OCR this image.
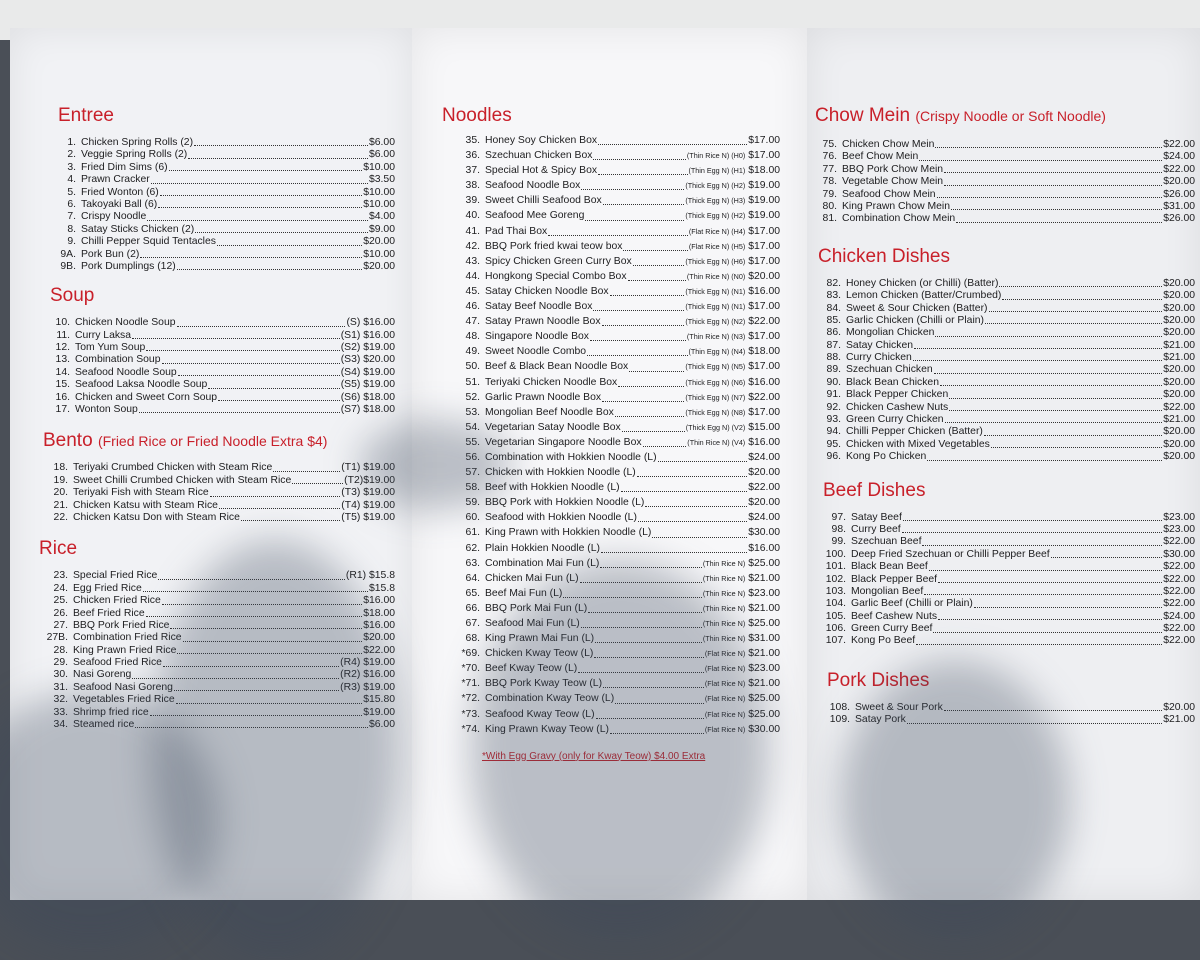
Entree
1. Chicken Spring Rolls (2)	$6.00
2. Veggie Spring Rolls (2)	$6.00
3. Fried Dim Sims (6)	$10.00
4. Prawn Cracker	$3.50
5. Fried Wonton (6)	$10.00
6. Takoyaki Ball (6)	$10.00
7. Crispy Noodle	$4.00
8. Satay Sticks Chicken (2)	$9.00
9. Chilli Pepper Squid Tentacles	$20.00
9A. Pork Bun (2)	$10.00
9B. Pork Dumplings (12)	$20.00
Soup
10. Chicken Noodle Soup	(S) $16.00
11. Curry Laksa	(S1) $16.00
12. Tom Yum Soup	(S2) $19.00
13. Combination Soup	(S3) $20.00
14. Seafood Noodle Soup	(S4) $19.00
15. Seafood Laksa Noodle Soup	(S5) $19.00
16. Chicken and Sweet Corn Soup	(S6) $18.00
17. Wonton Soup	(S7) $18.00
Bento (Fried Rice or Fried Noodle Extra $4)
18. Teriyaki Crumbed Chicken with Steam Rice	(T1) $19.00
19. Sweet Chilli Crumbed Chicken with Steam Rice	(T2)$19.00
20. Teriyaki Fish with Steam Rice	(T3) $19.00
21. Chicken Katsu with Steam Rice	(T4) $19.00
22. Chicken Katsu Don with Steam Rice	(T5) $19.00
Rice
23. Special Fried Rice	(R1) $15.8
24. Egg Fried Rice	$15.8
25. Chicken Fried Rice	$16.00
26. Beef Fried Rice	$18.00
27. BBQ Pork Fried Rice	$16.00
27B. Combination Fried Rice	$20.00
28. King Prawn Fried Rice	$22.00
29. Seafood Fried Rice	(R4) $19.00
30. Nasi Goreng	(R2) $16.00
31. Seafood Nasi Goreng	(R3) $19.00
32. Vegetables Fried Rice	$15.80
33. Shrimp fried rice	$19.00
34. Steamed rice	$6.00
Noodles
35. Honey Soy Chicken Box	$17.00
36. Szechuan Chicken Box	(Thin Rice N) (H0) $17.00
37. Special Hot & Spicy Box	(Thin Egg N) (H1) $18.00
38. Seafood Noodle Box	(Thick Egg N) (H2) $19.00
39. Sweet Chilli Seafood Box	(Thick Egg N) (H3) $19.00
40. Seafood Mee Goreng	(Thick Egg N) (H2) $19.00
41. Pad Thai Box	(Flat Rice N) (H4) $17.00
42. BBQ Pork fried kwai teow box	(Flat Rice N) (H5) $17.00
43. Spicy Chicken Green Curry Box	(Thick Egg N) (H6) $17.00
44. Hongkong Special Combo Box	(Thin Rice N) (N0) $20.00
45. Satay Chicken Noodle Box	(Thick Egg N) (N1) $16.00
46. Satay Beef Noodle Box	(Thick Egg N) (N1) $17.00
47. Satay Prawn Noodle Box	(Thick Egg N) (N2) $22.00
48. Singapore Noodle Box	(Thin Rice N) (N3) $17.00
49. Sweet Noodle Combo	(Thin Egg N) (N4) $18.00
50. Beef & Black Bean Noodle Box	(Thick Egg N) (N5) $17.00
51. Teriyaki Chicken Noodle Box	(Thick Egg N) (N6) $16.00
52. Garlic Prawn Noodle Box	(Thick Egg N) (N7) $22.00
53. Mongolian Beef Noodle Box	(Thick Egg N) (N8) $17.00
54. Vegetarian Satay Noodle Box	(Thick Egg N) (V2) $15.00
55. Vegetarian Singapore Noodle Box	(Thin Rice N) (V4) $16.00
56. Combination with Hokkien Noodle (L)	$24.00
57. Chicken with Hokkien Noodle (L)	$20.00
58. Beef with Hokkien Noodle (L)	$22.00
59. BBQ Pork with Hokkien Noodle (L)	$20.00
60. Seafood with Hokkien Noodle (L)	$24.00
61. King Prawn with Hokkien Noodle (L)	$30.00
62. Plain Hokkien Noodle (L)	$16.00
63. Combination Mai Fun (L)	(Thin Rice N) $25.00
64. Chicken Mai Fun (L)	(Thin Rice N) $21.00
65. Beef Mai Fun (L)	(Thin Rice N) $23.00
66. BBQ Pork Mai Fun (L)	(Thin Rice N) $21.00
67. Seafood Mai Fun (L)	(Thin Rice N) $25.00
68. King Prawn Mai Fun (L)	(Thin Rice N) $31.00
*69. Chicken Kway Teow (L)	(Flat Rice N) $21.00
*70. Beef Kway Teow (L)	(Flat Rice N) $23.00
*71. BBQ Pork Kway Teow (L)	(Flat Rice N) $21.00
*72. Combination Kway Teow (L)	(Flat Rice N) $25.00
*73. Seafood Kway Teow (L)	(Flat Rice N) $25.00
*74. King Prawn Kway Teow (L)	(Flat Rice N) $30.00
*With Egg Gravy (only for Kway Teow) $4.00 Extra
Chow Mein (Crispy Noodle or Soft Noodle)
75. Chicken Chow Mein	$22.00
76. Beef Chow Mein	$24.00
77. BBQ Pork Chow Mein	$22.00
78. Vegetable Chow Mein	$20.00
79. Seafood Chow Mein	$26.00
80. King Prawn Chow Mein	$31.00
81. Combination Chow Mein	$26.00
Chicken Dishes
82. Honey Chicken (or Chilli) (Batter)	$20.00
83. Lemon Chicken (Batter/Crumbed)	$20.00
84. Sweet & Sour Chicken (Batter)	$20.00
85. Garlic Chicken (Chilli or Plain)	$20.00
86. Mongolian Chicken	$20.00
87. Satay Chicken	$21.00
88. Curry Chicken	$21.00
89. Szechuan Chicken	$20.00
90. Black Bean Chicken	$20.00
91. Black Pepper Chicken	$20.00
92. Chicken Cashew Nuts	$22.00
93. Green Curry Chicken	$21.00
94. Chilli Pepper Chicken (Batter)	$20.00
95. Chicken with Mixed Vegetables	$20.00
96. Kong Po Chicken	$20.00
Beef Dishes
97. Satay Beef	$23.00
98. Curry Beef	$23.00
99. Szechuan Beef	$22.00
100. Deep Fried Szechuan or Chilli Pepper Beef	$30.00
101. Black Bean Beef	$22.00
102. Black Pepper Beef	$22.00
103. Mongolian Beef	$22.00
104. Garlic Beef (Chilli or Plain)	$22.00
105. Beef Cashew Nuts	$24.00
106. Green Curry Beef	$22.00
107. Kong Po Beef	$22.00
Pork Dishes
108. Sweet & Sour Pork	$20.00
109. Satay Pork	$21.00
